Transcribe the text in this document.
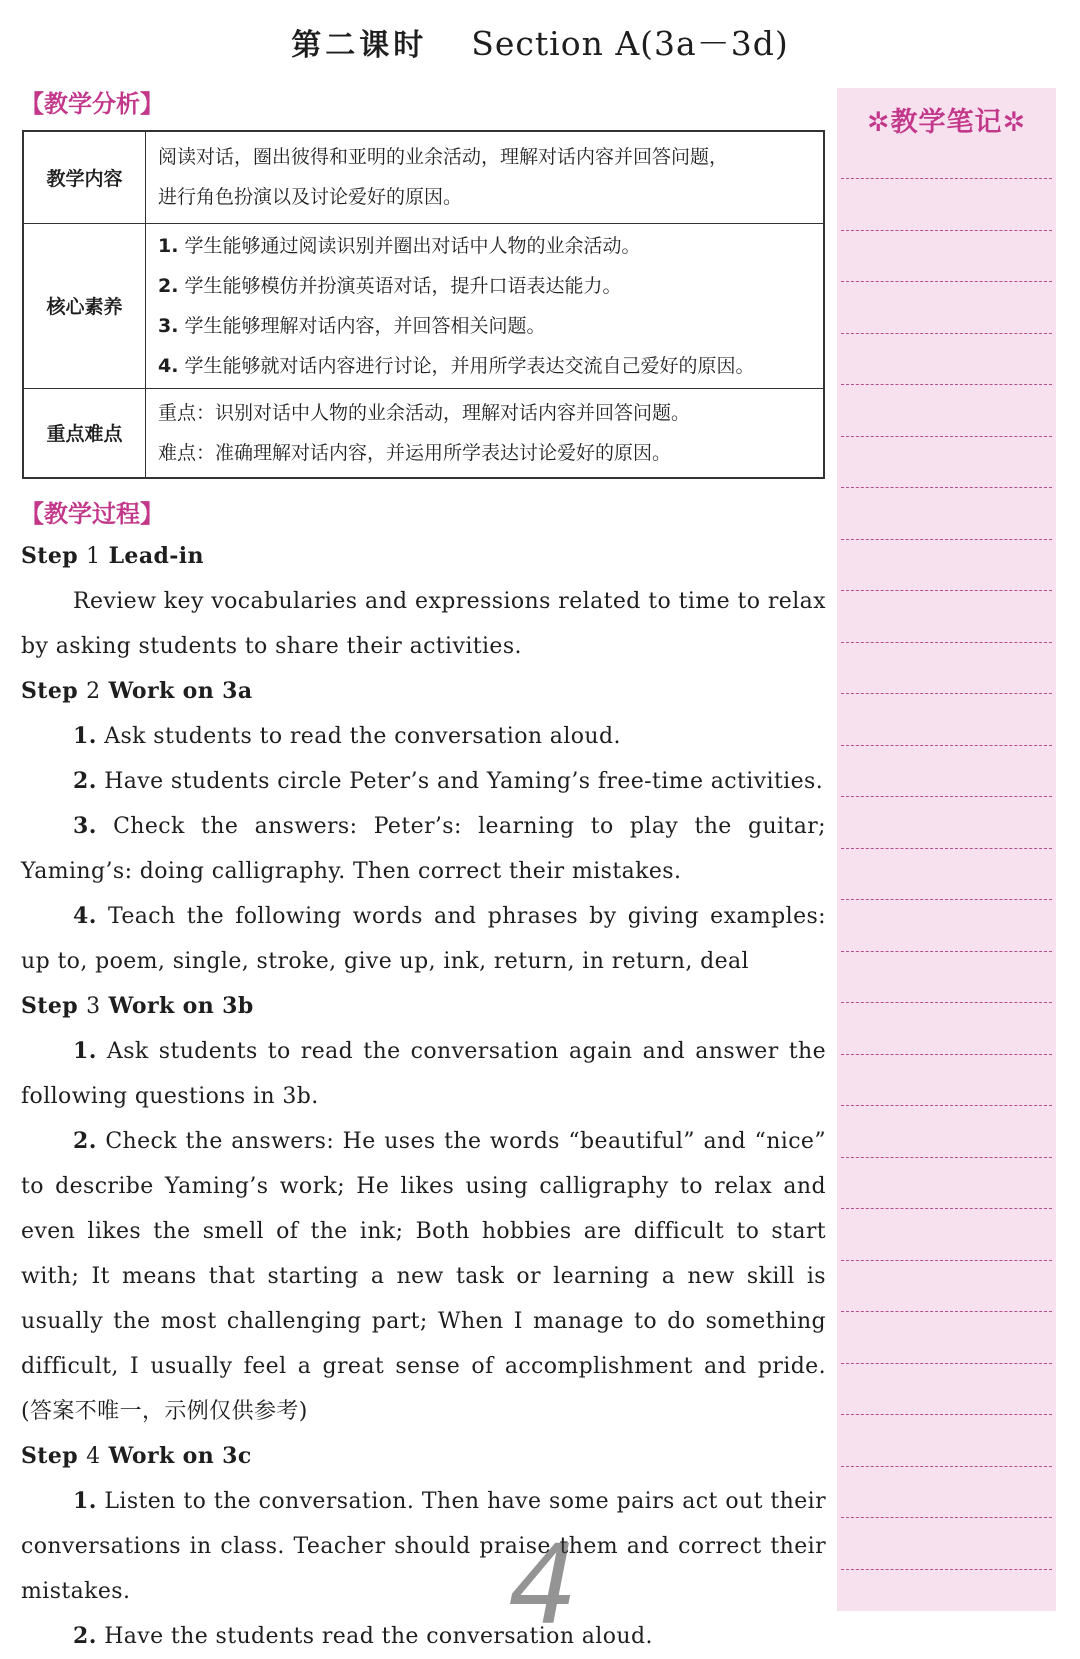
第二课时 Section A(3a－3d)
【教学分析】
教学内容	阅读对话，圈出彼得和亚明的业余活动，理解对话内容并回答问题，
进行角色扮演以及讨论爱好的原因。

核心素养	1. 学生能够通过阅读识别并圈出对话中人物的业余活动。
2. 学生能够模仿并扮演英语对话，提升口语表达能力。
3. 学生能够理解对话内容，并回答相关问题。
4. 学生能够就对话内容进行讨论，并用所学表达交流自己爱好的原因。

重点难点	重点：识别对话中人物的业余活动，理解对话内容并回答问题。
难点：准确理解对话内容，并运用所学表达讨论爱好的原因。
【教学过程】

Step 1 Lead-in

Review key vocabularies and expressions related to time to relax by asking students to share their activities.

Step 2 Work on 3a

1. Ask students to read the conversation aloud.

2. Have students circle Peter’s and Yaming’s free-time activities.

3. Check the answers: Peter’s: learning to play the guitar; Yaming’s: doing calligraphy. Then correct their mistakes.

4. Teach the following words and phrases by giving examples: up to, poem, single, stroke, give up, ink, return, in return, deal

Step 3 Work on 3b

1. Ask students to read the conversation again and answer the following questions in 3b.

2. Check the answers: He uses the words “beautiful” and “nice” to describe Yaming’s work; He likes using calligraphy to relax and even likes the smell of the ink; Both hobbies are difficult to start with; It means that starting a new task or learning a new skill is usually the most challenging part; When I manage to do something difficult, I usually feel a great sense of accomplishment and pride. (答案不唯一，示例仅供参考)

Step 4 Work on 3c

1. Listen to the conversation. Then have some pairs act out their conversations in class. Teacher should praise them and correct their mistakes.

2. Have the students read the conversation aloud.

✲教学笔记✲
4
